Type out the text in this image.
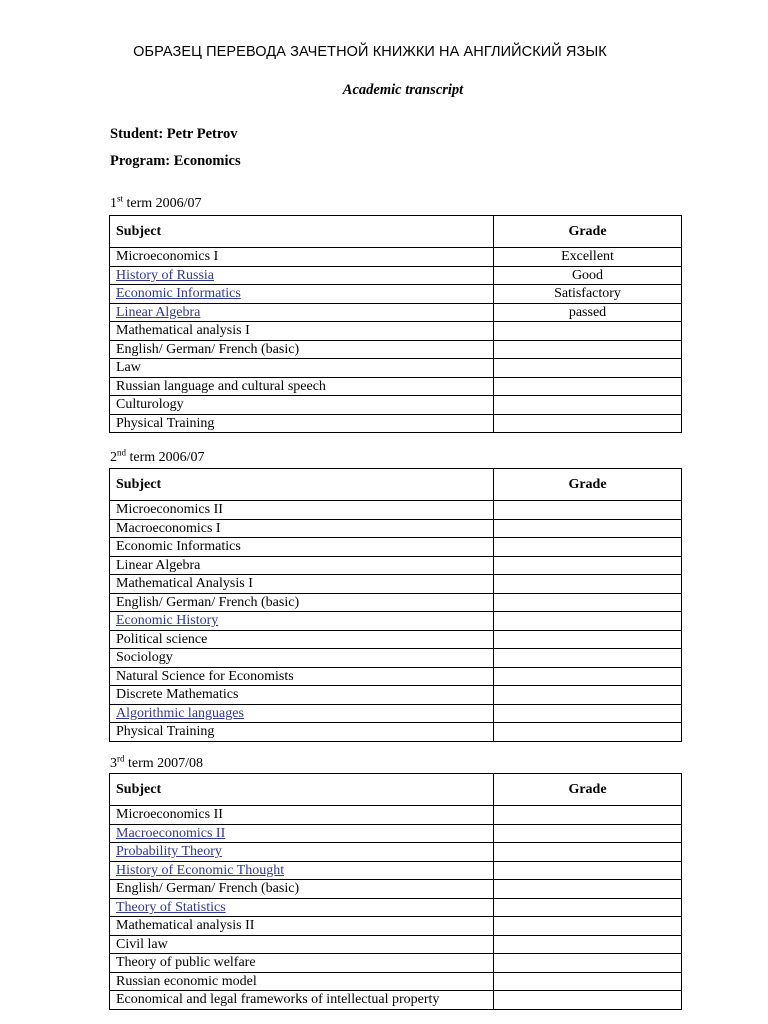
ОБРАЗЕЦ ПЕРЕВОДА ЗАЧЕТНОЙ КНИЖКИ НА АНГЛИЙСКИЙ ЯЗЫК
Academic transcript
Student: Petr Petrov
Program: Economics
1st term 2006/07
Subject	Grade
Microeconomics I	Excellent
History of Russia	Good
Economic Informatics	Satisfactory
Linear Algebra	passed
Mathematical analysis I	
English/ German/ French (basic)	
Law	
Russian language and cultural speech	
Culturology	
Physical Training	
2nd term 2006/07
Subject	Grade
Microeconomics II	
Macroeconomics I	
Economic Informatics	
Linear Algebra	
Mathematical Analysis I	
English/ German/ French (basic)	
Economic History	
Political science	
Sociology	
Natural Science for Economists	
Discrete Mathematics	
Algorithmic languages	
Physical Training	
3rd term 2007/08
Subject	Grade
Microeconomics II	
Macroeconomics II	
Probability Theory	
History of Economic Thought	
English/ German/ French (basic)	
Theory of Statistics	
Mathematical analysis II	
Civil law	
Theory of public welfare	
Russian economic model	
Economical and legal frameworks of intellectual property	
